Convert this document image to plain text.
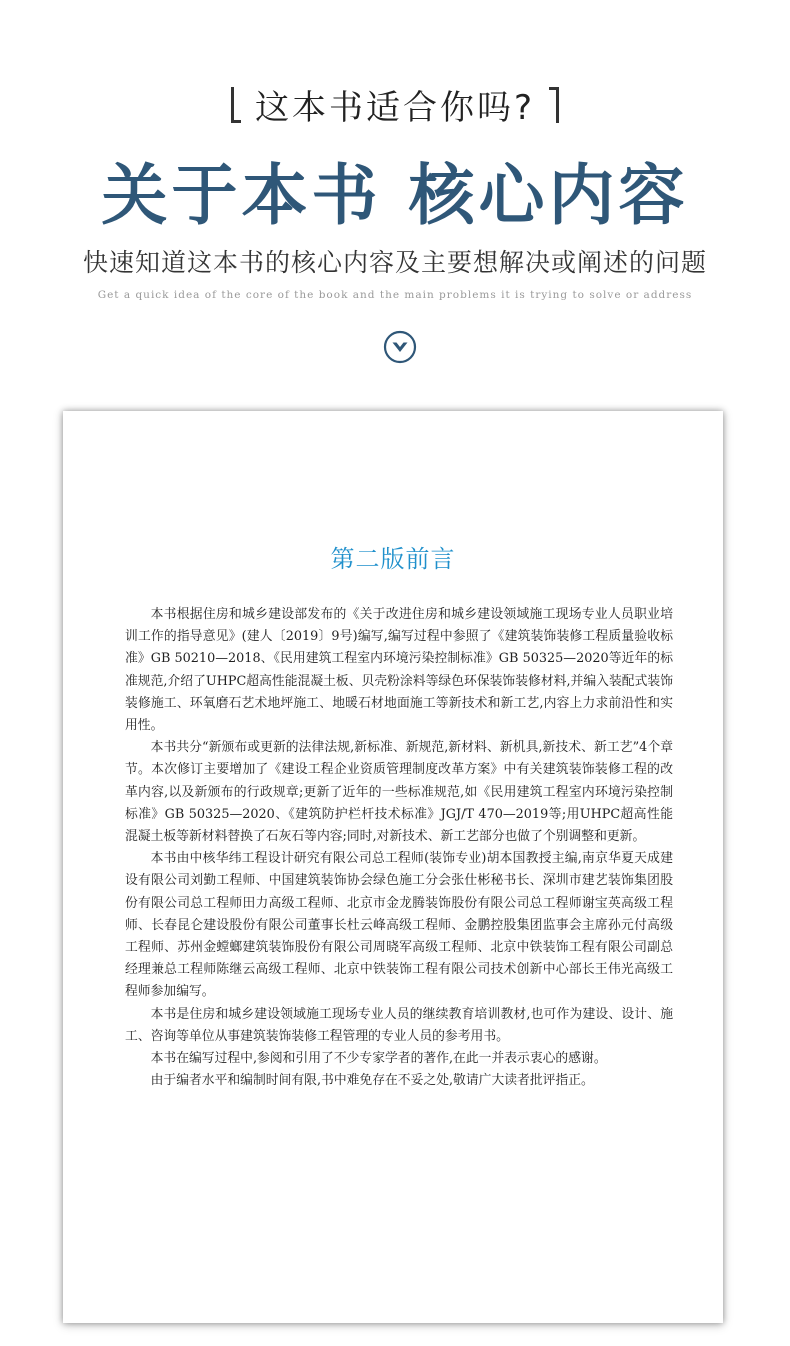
这本书适合你吗?
关于本书 核心内容
快速知道这本书的核心内容及主要想解决或阐述的问题
Get a quick idea of the core of the book and the main problems it is trying to solve or address
第二版前言

本书根据住房和城乡建设部发布的《关于改进住房和城乡建设领域施工现场专业人员职业培训工作的指导意见》(建人〔2019〕9号)编写,编写过程中参照了《建筑装饰装修工程质量验收标准》GB 50210—2018、《民用建筑工程室内环境污染控制标准》GB 50325—2020等近年的标准规范,介绍了UHPC超高性能混凝土板、贝壳粉涂料等绿色环保装饰装修材料,并编入装配式装饰装修施工、环氧磨石艺术地坪施工、地暖石材地面施工等新技术和新工艺,内容上力求前沿性和实用性。

本书共分“新颁布或更新的法律法规,新标准、新规范,新材料、新机具,新技术、新工艺”4个章节。本次修订主要增加了《建设工程企业资质管理制度改革方案》中有关建筑装饰装修工程的改革内容,以及新颁布的行政规章;更新了近年的一些标准规范,如《民用建筑工程室内环境污染控制标准》GB 50325—2020、《建筑防护栏杆技术标准》JGJ/T 470—2019等;用UHPC超高性能混凝土板等新材料替换了石灰石等内容;同时,对新技术、新工艺部分也做了个别调整和更新。

本书由中核华纬工程设计研究有限公司总工程师(装饰专业)胡本国教授主编,南京华夏天成建设有限公司刘勤工程师、中国建筑装饰协会绿色施工分会张仕彬秘书长、深圳市建艺装饰集团股份有限公司总工程师田力高级工程师、北京市金龙腾装饰股份有限公司总工程师谢宝英高级工程师、长春昆仑建设股份有限公司董事长杜云峰高级工程师、金鹏控股集团监事会主席孙元付高级工程师、苏州金螳螂建筑装饰股份有限公司周晓军高级工程师、北京中铁装饰工程有限公司副总经理兼总工程师陈继云高级工程师、北京中铁装饰工程有限公司技术创新中心部长王伟光高级工程师参加编写。

本书是住房和城乡建设领域施工现场专业人员的继续教育培训教材,也可作为建设、设计、施工、咨询等单位从事建筑装饰装修工程管理的专业人员的参考用书。

本书在编写过程中,参阅和引用了不少专家学者的著作,在此一并表示衷心的感谢。

由于编者水平和编制时间有限,书中难免存在不妥之处,敬请广大读者批评指正。
